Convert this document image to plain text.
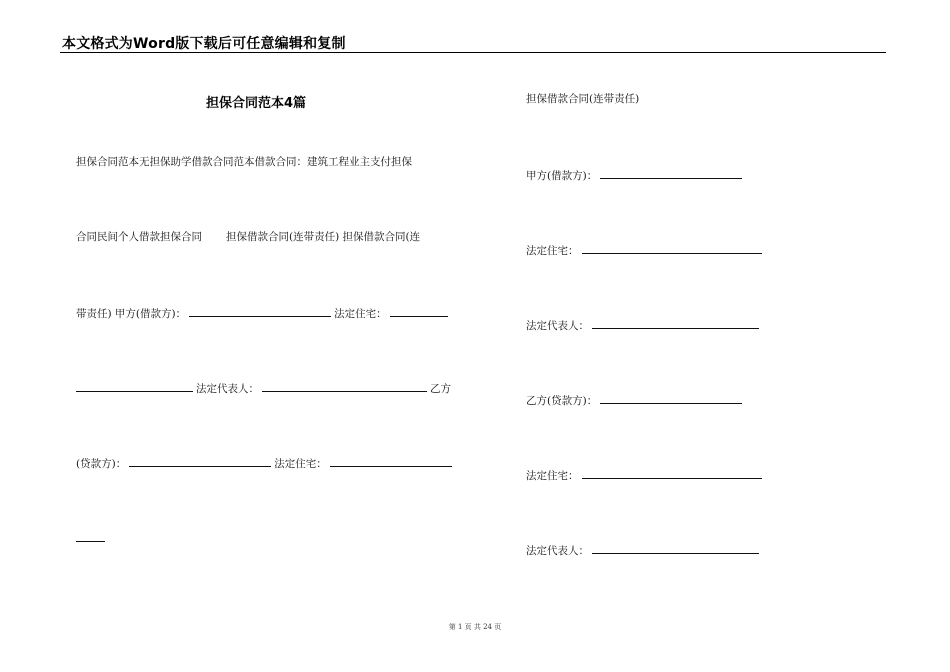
本文格式为Word版下载后可任意编辑和复制
担保合同范本4篇
担保合同范本无担保助学借款合同范本借款合同：建筑工程业主支付担保
合同民间个人借款担保合同 担保借款合同(连带责任) 担保借款合同(连
带责任) 甲方(借款方)：	法定住宅：
法定代表人：	乙方
(贷款方)：	法定住宅：
担保借款合同(连带责任)
甲方(借款方)：
法定住宅：
法定代表人：
乙方(贷款方)：
法定住宅：
法定代表人：
第 1 页 共 24 页
